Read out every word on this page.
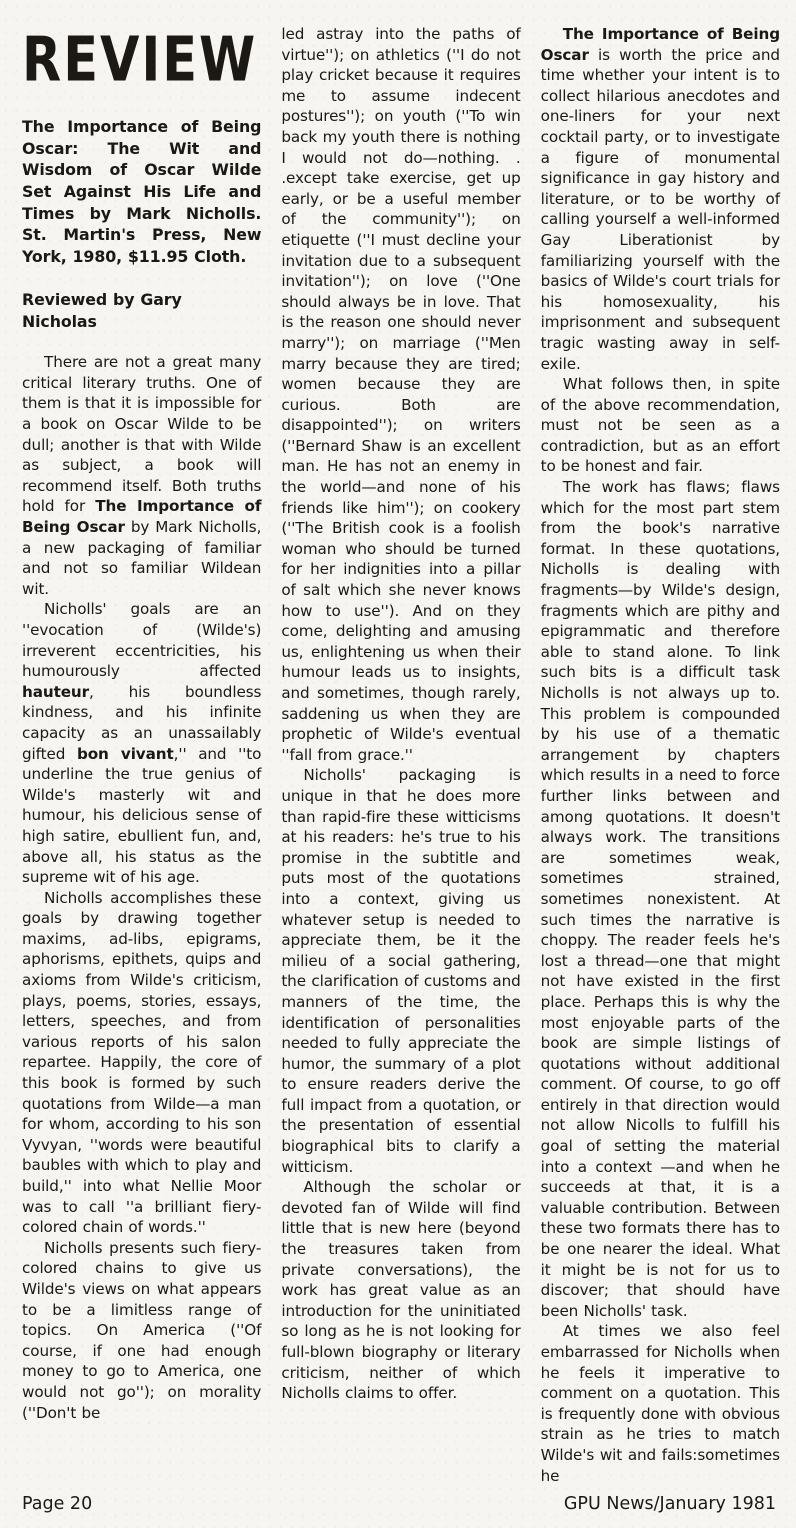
REVIEW
The Importance of Being Oscar: The Wit and Wisdom of Oscar Wilde Set Against His Life and Times by Mark Nicholls. St. Martin's Press, New York, 1980, $11.95 Cloth.
Reviewed by Gary Nicholas

There are not a great many critical literary truths. One of them is that it is impossible for a book on Oscar Wilde to be dull; another is that with Wilde as subject, a book will recommend itself. Both truths hold for The Importance of Being Oscar by Mark Nicholls, a new packaging of familiar and not so familiar Wildean wit.

Nicholls' goals are an ''evocation of (Wilde's) irreverent eccentricities, his humourously affected hauteur, his boundless kindness, and his infinite capacity as an unassailably gifted bon vivant,'' and ''to underline the true genius of Wilde's masterly wit and humour, his delicious sense of high satire, ebullient fun, and, above all, his status as the supreme wit of his age.

Nicholls accomplishes these goals by drawing together maxims, ad-libs, epigrams, aphorisms, epithets, quips and axioms from Wilde's criticism, plays, poems, stories, essays, letters, speeches, and from various reports of his salon repartee. Happily, the core of this book is formed by such quotations from Wilde—a man for whom, according to his son Vyvyan, ''words were beautiful baubles with which to play and build,'' into what Nellie Moor was to call ''a brilliant fiery-colored chain of words.''

Nicholls presents such fiery-colored chains to give us Wilde's views on what appears to be a limitless range of topics. On America (''Of course, if one had enough money to go to America, one would not go''); on morality (''Don't be

led astray into the paths of virtue''); on athletics (''I do not play cricket because it requires me to assume indecent postures''); on youth (''To win back my youth there is nothing I would not do—nothing. . .except take exercise, get up early, or be a useful member of the community''); on etiquette (''I must decline your invitation due to a subsequent invitation''); on love (''One should always be in love. That is the reason one should never marry''); on marriage (''Men marry because they are tired; women because they are curious. Both are disappointed''); on writers (''Bernard Shaw is an excellent man. He has not an enemy in the world—and none of his friends like him''); on cookery (''The British cook is a foolish woman who should be turned for her indignities into a pillar of salt which she never knows how to use''). And on they come, delighting and amusing us, enlightening us when their humour leads us to insights, and sometimes, though rarely, saddening us when they are prophetic of Wilde's eventual ''fall from grace.''

Nicholls' packaging is unique in that he does more than rapid-fire these witticisms at his readers: he's true to his promise in the subtitle and puts most of the quotations into a context, giving us whatever setup is needed to appreciate them, be it the milieu of a social gathering, the clarification of customs and manners of the time, the identification of personalities needed to fully appreciate the humor, the summary of a plot to ensure readers derive the full impact from a quotation, or the presentation of essential biographical bits to clarify a witticism.

Although the scholar or devoted fan of Wilde will find little that is new here (beyond the treasures taken from private conversations), the work has great value as an introduction for the uninitiated so long as he is not looking for full-blown biography or literary criticism, neither of which Nicholls claims to offer.

The Importance of Being Oscar is worth the price and time whether your intent is to collect hilarious anecdotes and one-liners for your next cocktail party, or to investigate a figure of monumental significance in gay history and literature, or to be worthy of calling yourself a well-informed Gay Liberationist by familiarizing yourself with the basics of Wilde's court trials for his homosexuality, his imprisonment and subsequent tragic wasting away in self-exile.

What follows then, in spite of the above recommendation, must not be seen as a contradiction, but as an effort to be honest and fair.

The work has flaws; flaws which for the most part stem from the book's narrative format. In these quotations, Nicholls is dealing with fragments—by Wilde's design, fragments which are pithy and epigrammatic and therefore able to stand alone. To link such bits is a difficult task Nicholls is not always up to. This problem is compounded by his use of a thematic arrangement by chapters which results in a need to force further links between and among quotations. It doesn't always work. The transitions are sometimes weak, sometimes strained, sometimes nonexistent. At such times the narrative is choppy. The reader feels he's lost a thread—one that might not have existed in the first place. Perhaps this is why the most enjoyable parts of the book are simple listings of quotations without additional comment. Of course, to go off entirely in that direction would not allow Nicolls to fulfill his goal of setting the material into a context —and when he succeeds at that, it is a valuable contribution. Between these two formats there has to be one nearer the ideal. What it might be is not for us to discover; that should have been Nicholls' task.

At times we also feel embarrassed for Nicholls when he feels it imperative to comment on a quotation. This is frequently done with obvious strain as he tries to match Wilde's wit and fails:sometimes he

Page 20	GPU News/January 1981
